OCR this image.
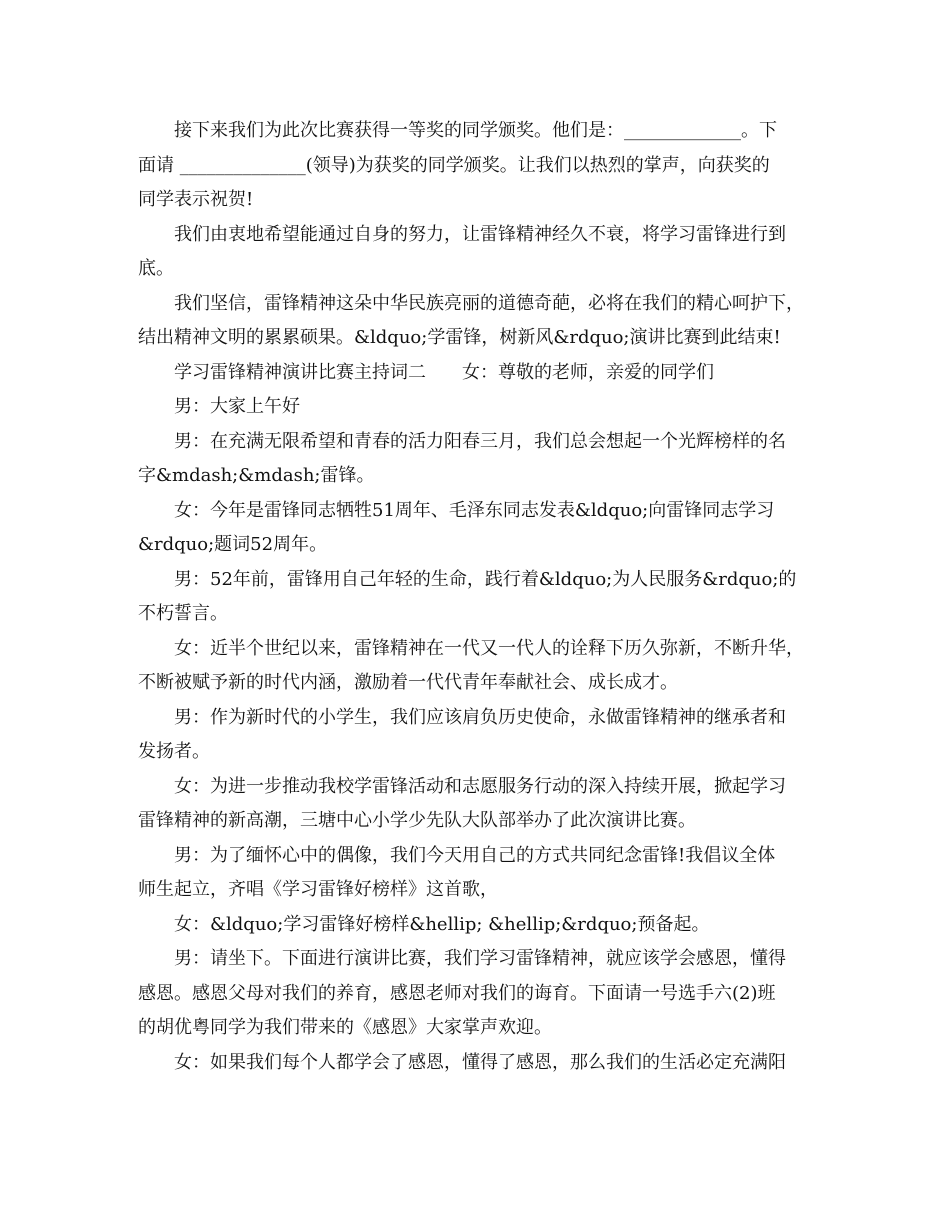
接下来我们为此次比赛获得一等奖的同学颁奖。他们是：_____________。下
面请 ______________(领导)为获奖的同学颁奖。让我们以热烈的掌声，向获奖的
同学表示祝贺!

我们由衷地希望能通过自身的努力，让雷锋精神经久不衰，将学习雷锋进行到
底。

我们坚信，雷锋精神这朵中华民族亮丽的道德奇葩，必将在我们的精心呵护下，
结出精神文明的累累硕果。&ldquo;学雷锋，树新风&rdquo;演讲比赛到此结束!

学习雷锋精神演讲比赛主持词二　　女：尊敬的老师，亲爱的同学们

男：大家上午好

男：在充满无限希望和青春的活力阳春三月，我们总会想起一个光辉榜样的名
字&mdash;&mdash;雷锋。

女：今年是雷锋同志牺牲51周年、毛泽东同志发表&ldquo;向雷锋同志学习
&rdquo;题词52周年。

男：52年前，雷锋用自己年轻的生命，践行着&ldquo;为人民服务&rdquo;的
不朽誓言。

女：近半个世纪以来，雷锋精神在一代又一代人的诠释下历久弥新，不断升华，
不断被赋予新的时代内涵，激励着一代代青年奉献社会、成长成才。

男：作为新时代的小学生，我们应该肩负历史使命，永做雷锋精神的继承者和
发扬者。

女：为进一步推动我校学雷锋活动和志愿服务行动的深入持续开展，掀起学习
雷锋精神的新高潮，三塘中心小学少先队大队部举办了此次演讲比赛。

男：为了缅怀心中的偶像，我们今天用自己的方式共同纪念雷锋!我倡议全体
师生起立，齐唱《学习雷锋好榜样》这首歌，

女：&ldquo;学习雷锋好榜样&hellip; &hellip;&rdquo;预备起。

男：请坐下。下面进行演讲比赛，我们学习雷锋精神，就应该学会感恩，懂得
感恩。感恩父母对我们的养育，感恩老师对我们的诲育。下面请一号选手六(2)班
的胡优粤同学为我们带来的《感恩》大家掌声欢迎。

女：如果我们每个人都学会了感恩，懂得了感恩，那么我们的生活必定充满阳
